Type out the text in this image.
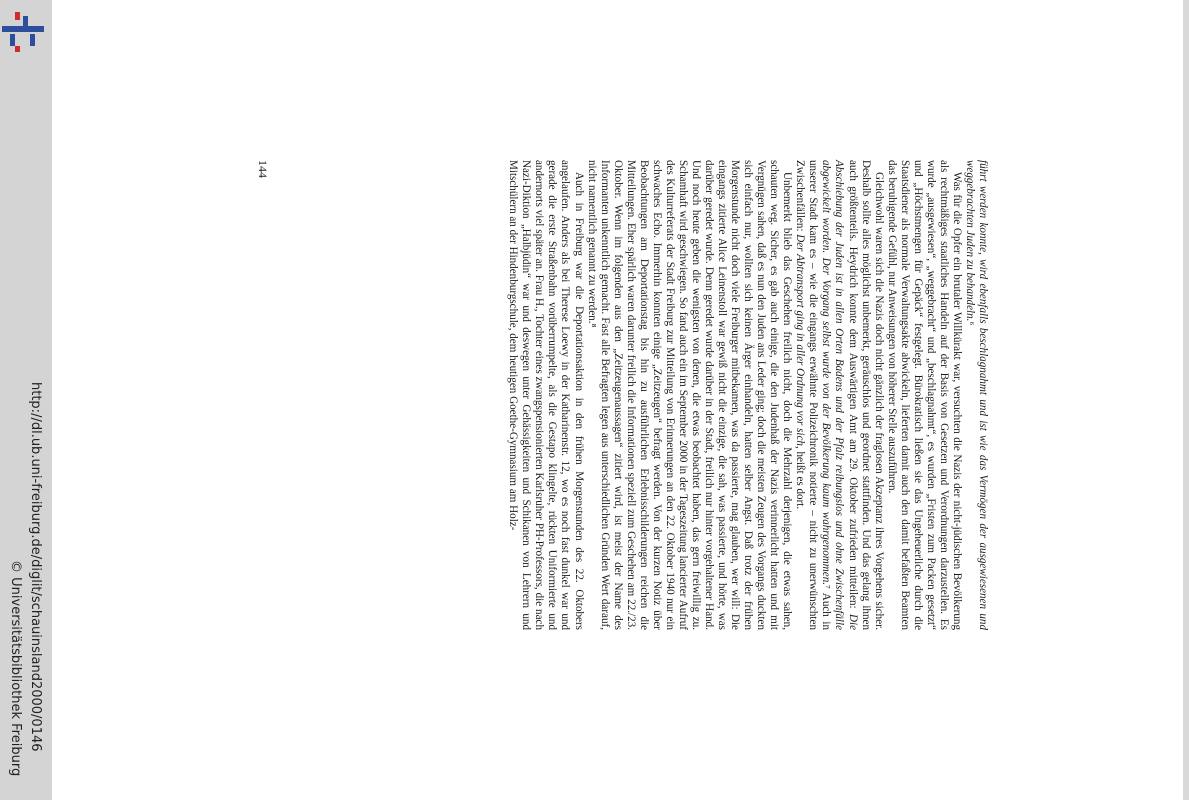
http://dl.ub.uni-freiburg.de/diglit/schauinsland2000/0146
© Universitätsbibliothek Freiburg

führt werden konnte, wird ebenfalls beschlagnahmt und ist wie das Vermögen der ausgewiesenen und weggebrachten Juden zu behandeln.⁶

Was für die Opfer ein brutaler Willkürakt war, versuchten die Nazis der nicht-jüdischen Bevölkerung als rechtmäßiges staatliches Handeln auf der Basis von Gesetzen und Verordnungen darzustellen. Es wurde „ausgewiesen“, „weggebracht“ und „beschlagnahmt“, es wurden „Fristen zum Packen gesetzt“ und „Höchstmengen für Gepäck“ festgelegt. Bürokratisch ließen sie das Ungeheuerliche durch die Staatsdiener als normale Verwaltungsakte abwickeln, lieferten damit auch den damit befaßten Beamten das beruhigende Gefühl, nur Anweisungen von höherer Stelle auszuführen.

Gleichwohl waren sich die Nazis doch nicht gänzlich der fraglosen Akzeptanz ihres Vorgehens sicher. Deshalb sollte alles möglichst unbemerkt, geräuschlos und geordnet stattfinden. Und das gelang ihnen auch größtenteils. Heydrich konnte dem Auswärtigen Amt am 29. Oktober zufrieden mitteilen: Die Abschiebung der Juden ist in allen Orten Badens und der Pfalz reibungslos und ohne Zwischenfälle abgewickelt worden. Der Vorgang selbst wurde von der Bevölkerung kaum wahrgenommen.⁷ Auch in unserer Stadt kam es – wie die eingangs erwähnte Polizeichronik notierte – nicht zu unerwünschten Zwischenfällen: Der Abtransport ging in aller Ordnung vor sich, heißt es dort.

Unbemerkt blieb das Geschehen freilich nicht, doch die Mehrzahl derjenigen, die etwas sahen, schauten weg. Sicher, es gab auch einige, die den Judenhaß der Nazis verinnerlicht hatten und mit Vergnügen sahen, daß es nun den Juden ans Leder ging; doch die meisten Zeugen des Vorgangs duckten sich einfach nur, wollten sich keinen Ärger einhandeln, hatten selber Angst. Daß trotz der frühen Morgenstunde nicht doch viele Freiburger mitbekamen, was da passierte, mag glauben, wer will: Die eingangs zitierte Alice Leinenstoll war gewiß nicht die einzige, die sah, was passierte, und hörte, was darüber geredet wurde. Denn geredet wurde darüber in der Stadt, freilich nur hinter vorgehaltener Hand. Und noch heute geben die wenigsten von denen, die etwas beobachtet haben, das gern freiwillig zu. Schamhaft wird geschwiegen. So fand auch ein im September 2000 in der Tageszeitung lancierter Aufruf des Kulturreferats der Stadt Freiburg zur Mitteilung von Erinnerungen an den 22. Oktober 1940 nur ein schwaches Echo. Immerhin konnten einige „Zeitzeugen“ befragt werden. Von der kurzen Notiz über Beobachtungen am Deportationstag bis hin zu ausführlichen Erlebnisschilderungen reichen die Mitteilungen. Eher spärlich waren darunter freilich die Informationen speziell zum Geschehen am 22./23. Oktober. Wenn im folgenden aus den „Zeitzeugenaussagen“ zitiert wird, ist meist der Name des Informanten unkenntlich gemacht. Fast alle Befragten legen aus unterschiedlichen Gründen Wert darauf, nicht namentlich genannt zu werden.⁸

Auch in Freiburg war die Deportationsaktion in den frühen Morgenstunden des 22. Oktobers angelaufen. Anders als bei Therese Loewy in der Katharinenstr. 12, wo es noch fast dunkel war und gerade die erste Straßenbahn vorüberrumpelte, als die Gestapo klingelte, rückten Uniformierte und andernorts viel später an. Frau H., Tochter eines zwangspensionierten Karlsruher PH-Professors, die nach Nazi-Diktion „Halbjüdin“ war und deswegen unter Gehässigkeiten und Schikanen von Lehrern und Mitschülern an der Hindenburgschule, dem heutigen Goethe-Gymnasium am Holz-

144
